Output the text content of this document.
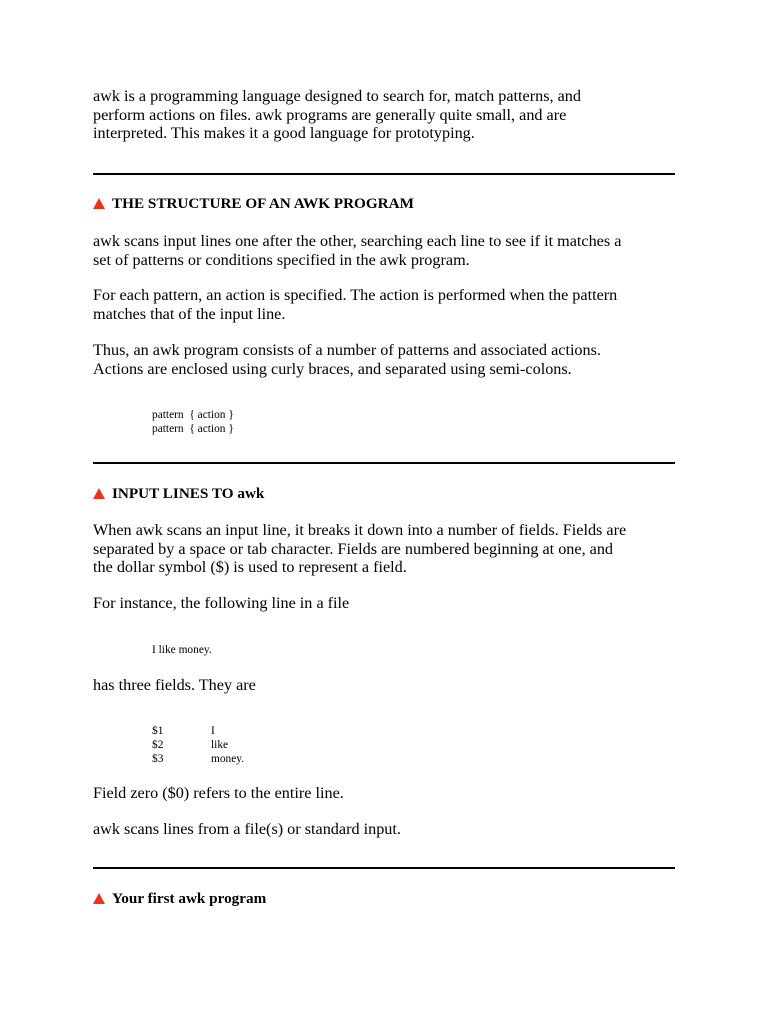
awk is a programming language designed to search for, match patterns, and
perform actions on files. awk programs are generally quite small, and are
interpreted. This makes it a good language for prototyping.

THE STRUCTURE OF AN AWK PROGRAM

awk scans input lines one after the other, searching each line to see if it matches a
set of patterns or conditions specified in the awk program.

For each pattern, an action is specified. The action is performed when the pattern
matches that of the input line.

Thus, an awk program consists of a number of patterns and associated actions.
Actions are enclosed using curly braces, and separated using semi-colons.

pattern  { action }
pattern  { action }
INPUT LINES TO awk

When awk scans an input line, it breaks it down into a number of fields. Fields are
separated by a space or tab character. Fields are numbered beginning at one, and
the dollar symbol ($) is used to represent a field.

For instance, the following line in a file

I like money.

has three fields. They are

$1	I
$2	like
$3	money.

Field zero ($0) refers to the entire line.

awk scans lines from a file(s) or standard input.

Your first awk program
